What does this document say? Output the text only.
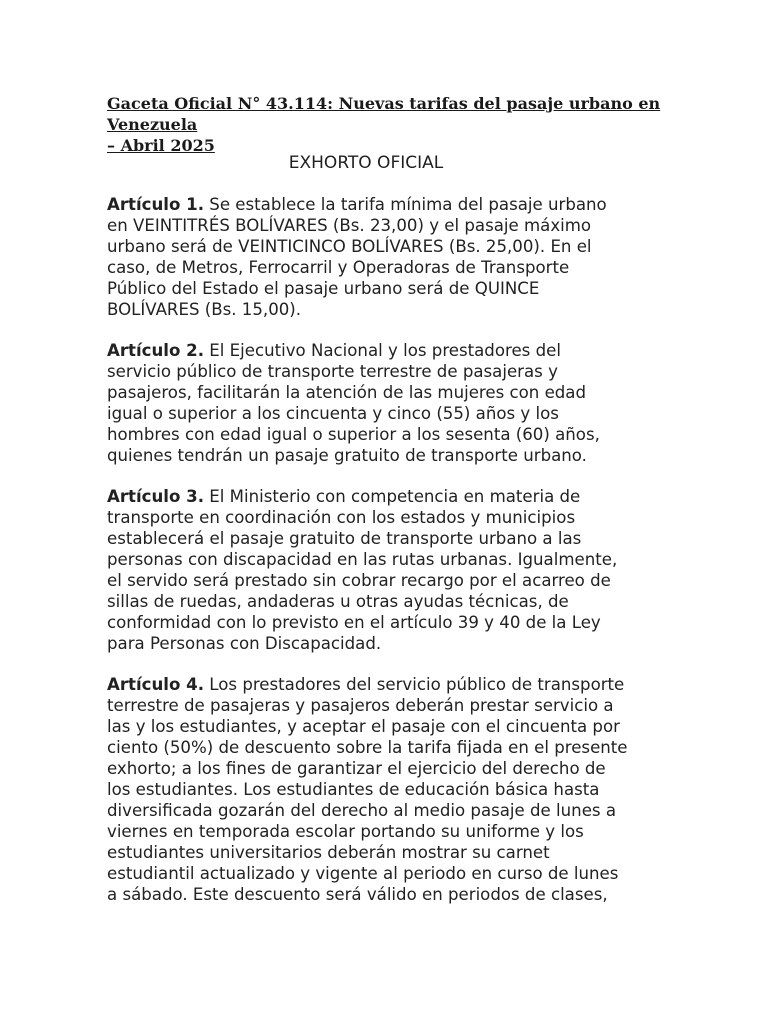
Gaceta Oficial N° 43.114: Nuevas tarifas del pasaje urbano en Venezuela
– Abril 2025
EXHORTO OFICIAL

Artículo 1. Se establece la tarifa mínima del pasaje urbano
en VEINTITRÉS BOLÍVARES (Bs. 23,00) y el pasaje máximo
urbano será de VEINTICINCO BOLÍVARES (Bs. 25,00). En el
caso, de Metros, Ferrocarril y Operadoras de Transporte
Público del Estado el pasaje urbano será de QUINCE
BOLÍVARES (Bs. 15,00).

Artículo 2. El Ejecutivo Nacional y los prestadores del
servicio público de transporte terrestre de pasajeras y
pasajeros, facilitarán la atención de las mujeres con edad
igual o superior a los cincuenta y cinco (55) años y los
hombres con edad igual o superior a los sesenta (60) años,
quienes tendrán un pasaje gratuito de transporte urbano.

Artículo 3. El Ministerio con competencia en materia de
transporte en coordinación con los estados y municipios
establecerá el pasaje gratuito de transporte urbano a las
personas con discapacidad en las rutas urbanas. Igualmente,
el servido será prestado sin cobrar recargo por el acarreo de
sillas de ruedas, andaderas u otras ayudas técnicas, de
conformidad con lo previsto en el artículo 39 y 40 de la Ley
para Personas con Discapacidad.

Artículo 4. Los prestadores del servicio público de transporte
terrestre de pasajeras y pasajeros deberán prestar servicio a
las y los estudiantes, y aceptar el pasaje con el cincuenta por
ciento (50%) de descuento sobre la tarifa fijada en el presente
exhorto; a los fines de garantizar el ejercicio del derecho de
los estudiantes. Los estudiantes de educación básica hasta
diversificada gozarán del derecho al medio pasaje de lunes a
viernes en temporada escolar portando su uniforme y los
estudiantes universitarios deberán mostrar su carnet
estudiantil actualizado y vigente al periodo en curso de lunes
a sábado. Este descuento será válido en periodos de clases,
